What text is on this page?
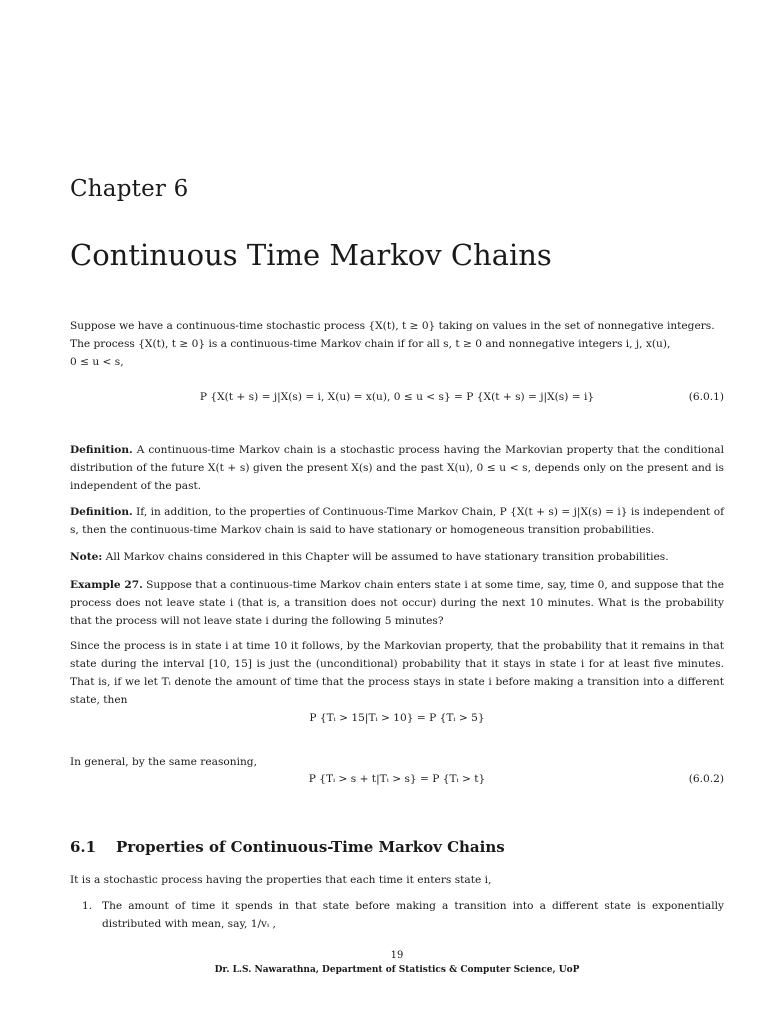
Chapter 6
Continuous Time Markov Chains
Suppose we have a continuous-time stochastic process {X(t), t ≥ 0} taking on values in the set of nonnegative integers.
The process {X(t), t ≥ 0} is a continuous-time Markov chain if for all s, t ≥ 0 and nonnegative integers i, j, x(u),
0 ≤ u < s,
P {X(t + s) = j|X(s) = i, X(u) = x(u), 0 ≤ u < s} = P {X(t + s) = j|X(s) = i}	(6.0.1)
Definition. A continuous-time Markov chain is a stochastic process having the Markovian property that the conditional distribution of the future X(t + s) given the present X(s) and the past X(u), 0 ≤ u < s, depends only on the present and is independent of the past.
Definition. If, in addition, to the properties of Continuous-Time Markov Chain, P {X(t + s) = j|X(s) = i} is independent of s, then the continuous-time Markov chain is said to have stationary or homogeneous transition probabilities.
Note: All Markov chains considered in this Chapter will be assumed to have stationary transition probabilities.
Example 27. Suppose that a continuous-time Markov chain enters state i at some time, say, time 0, and suppose that the process does not leave state i (that is, a transition does not occur) during the next 10 minutes. What is the probability that the process will not leave state i during the following 5 minutes?
Since the process is in state i at time 10 it follows, by the Markovian property, that the probability that it remains in that state during the interval [10, 15] is just the (unconditional) probability that it stays in state i for at least five minutes. That is, if we let Tᵢ denote the amount of time that the process stays in state i before making a transition into a different state, then
P {Tᵢ > 15|Tᵢ > 10} = P {Tᵢ > 5}
In general, by the same reasoning,
P {Tᵢ > s + t|Tᵢ > s} = P {Tᵢ > t}	(6.0.2)
6.1 Properties of Continuous-Time Markov Chains
It is a stochastic process having the properties that each time it enters state i,
1. The amount of time it spends in that state before making a transition into a different state is exponentially distributed with mean, say, 1/vᵢ ,
19
Dr. L.S. Nawarathna, Department of Statistics & Computer Science, UoP
